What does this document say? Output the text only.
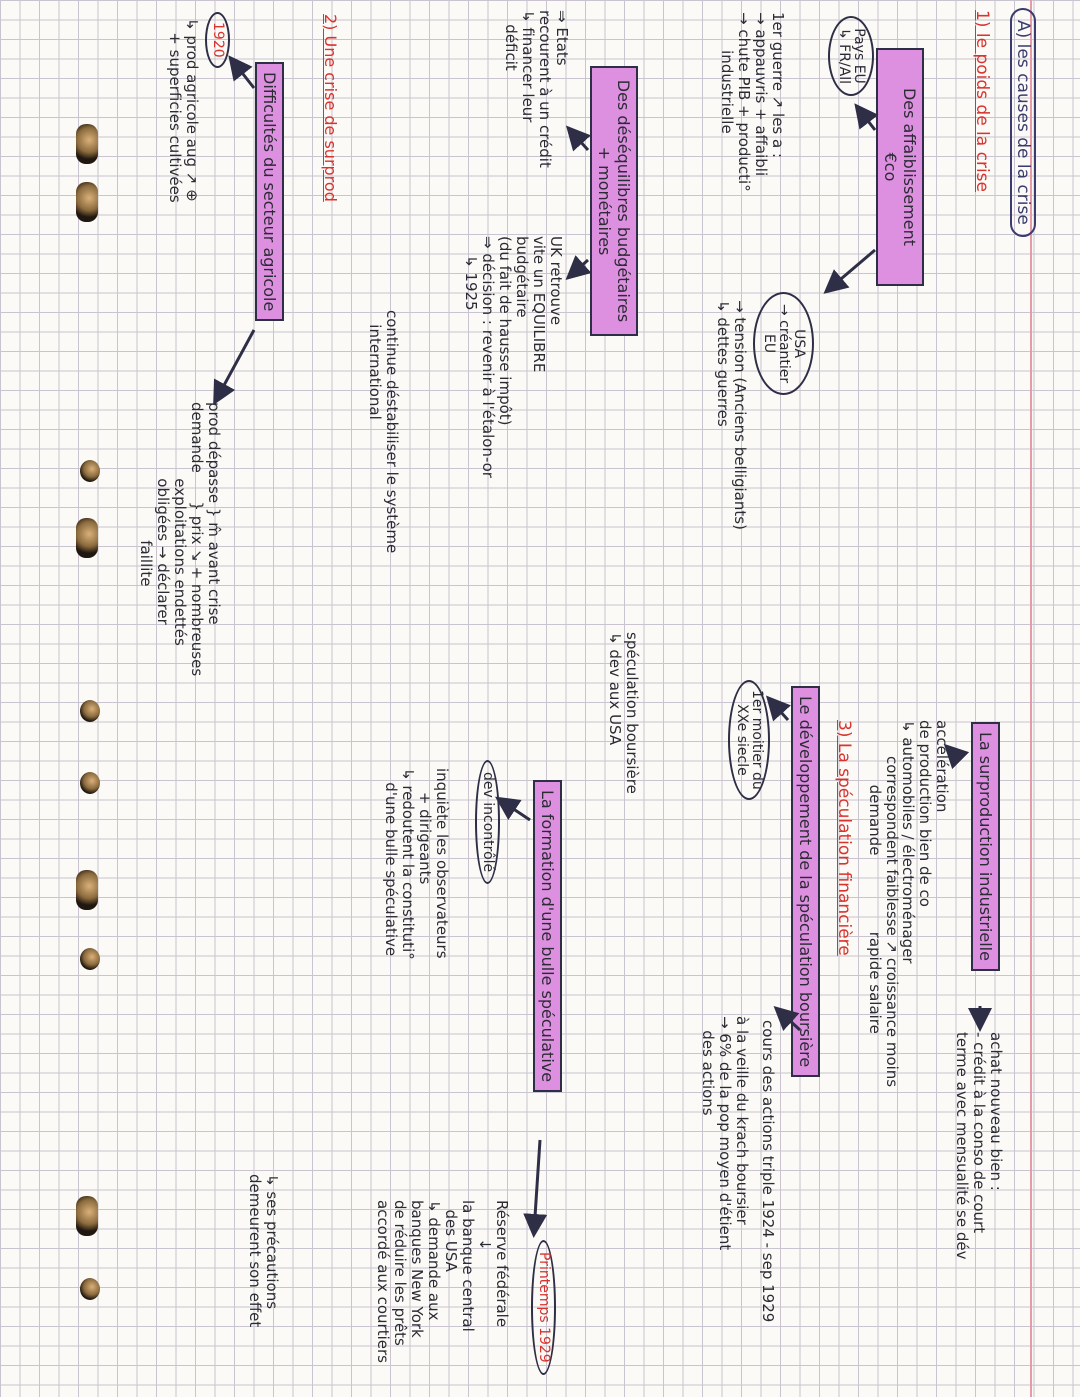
A) les causes de la crise
1) le poids de la crise
Des affaiblissement
€co
Pays EU
↳ FR/All
1er guerre ↗ les a :
→ appauvris + affaibli
→ chute PIB + producti°
industrielle
USA
→ créantier
EU
→ tension (Anciens belligiants)
↳ dettes guerres
Des déséquilibres budgétaires
+ monétaires
⇒ Etats
recourent à un crédit
↳ financer leur
déficit
UK retrouve
vite un EQUILIBRE
budgétaire
(du fait de hausse impôt)
⇒ décision : revenir à l'étalon-or
↳ 1925
continue déstabiliser le système
international
2) Une crise de surprod
Difficultés du secteur agricole
1920
↳ prod agricole aug ↗ ⊕
+ superficies cultivées
prod dépasse } m̂ avant crise
demande      } prix ↘ + nombreuses
exploitations endettés
obligées → déclarer
faillite
La surproduction industrielle
achat nouveau bien :
- crédit à la conso de court
terme avec mensualité se dév
accélération
de production bien de co
↳ automobiles / électroménager
correspondent faiblesse ↗ croissance moins
demande                rapide salaire
3) La spéculation financière
Le développement de la spéculation boursière
cours des actions triple 1924 - sep 1929
à la veille du krach boursier
→ 6% de la pop moyen d'étient
des actions
1er moitier du
XXe siecle
spéculation boursière
↳ dev aux USA
La formation d'une bulle spéculative
Printemps 1929
Réserve fédérale
↓
la banque central
des USA
↳ demande aux
banques New York
de réduire les prêts
accordé aux courtiers
↳ ses précautions
demeurent son effet
dev incontrôlé
inquiète les observateurs
+ dirigeants
↳ redoutent la constituti°
d'une bulle spéculative
